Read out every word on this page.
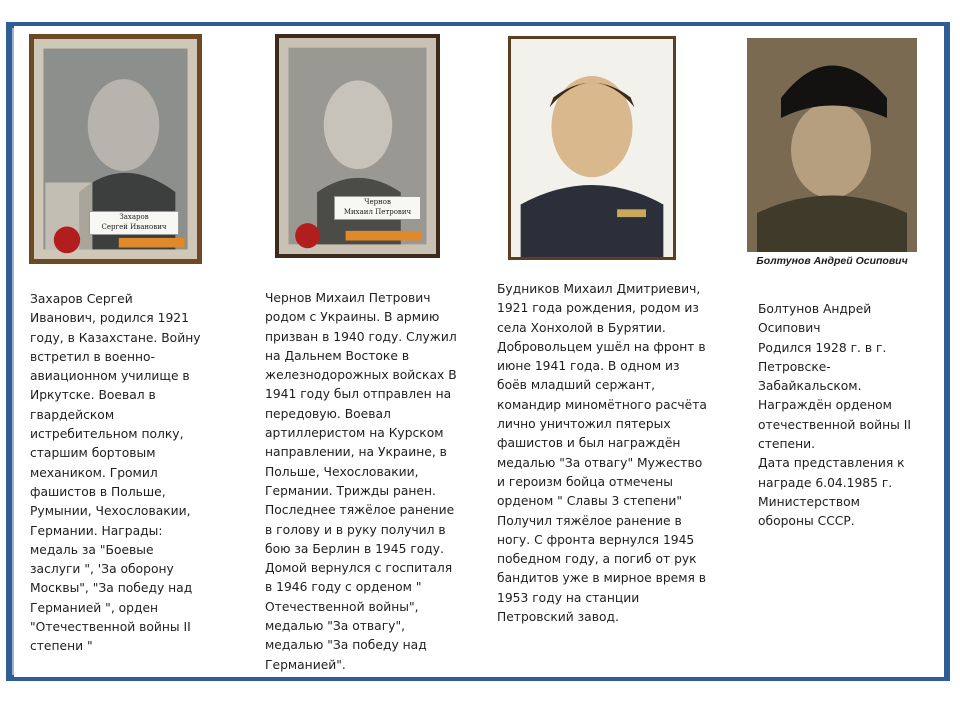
Захаров
Сергей Иванович
Чернов
Михаил Петрович
Болтунов Андрей Осипович
Захаров Сергей
Иванович, родился 1921
году, в Казахстане. Войну
встретил в военно-
авиационном училище в
Иркутске. Воевал в
гвардейском
истребительном полку,
старшим бортовым
механиком. Громил
фашистов в Польше,
Румынии, Чехословакии,
Германии. Награды:
медаль за "Боевые
заслуги ", 'За оборону
Москвы", "За победу над
Германией ", орден
"Отечественной войны II
степени "
Чернов Михаил Петрович
родом с Украины. В армию
призван в 1940 году. Служил
на Дальнем Востоке в
железнодорожных войсках В
1941 году был отправлен на
передовую. Воевал
артиллеристом на Курском
направлении, на Украине, в
Польше, Чехословакии,
Германии. Трижды ранен.
Последнее тяжёлое ранение
в голову и в руку получил в
бою за Берлин в 1945 году.
Домой вернулся с госпиталя
в 1946 году с орденом "
Отечественной войны",
медалью "За отвагу",
медалью "За победу над
Германией".
Будников Михаил Дмитриевич,
1921 года рождения, родом из
села Хонхолой в Бурятии.
Добровольцем ушёл на фронт в
июне 1941 года. В одном из
боёв младший сержант,
командир миномётного расчёта
лично уничтожил пятерых
фашистов и был награждён
медалью "За отвагу" Мужество
и героизм бойца отмечены
орденом " Славы 3 степени"
Получил тяжёлое ранение в
ногу. С фронта вернулся 1945
победном году, а погиб от рук
бандитов уже в мирное время в
1953 году на станции
Петровский завод.
Болтунов Андрей
Осипович
Родился 1928 г. в г.
Петровске-
Забайкальском.
Награждён орденом
отечественной войны II
степени.
Дата представления к
награде 6.04.1985 г.
Министерством
обороны СССР.
